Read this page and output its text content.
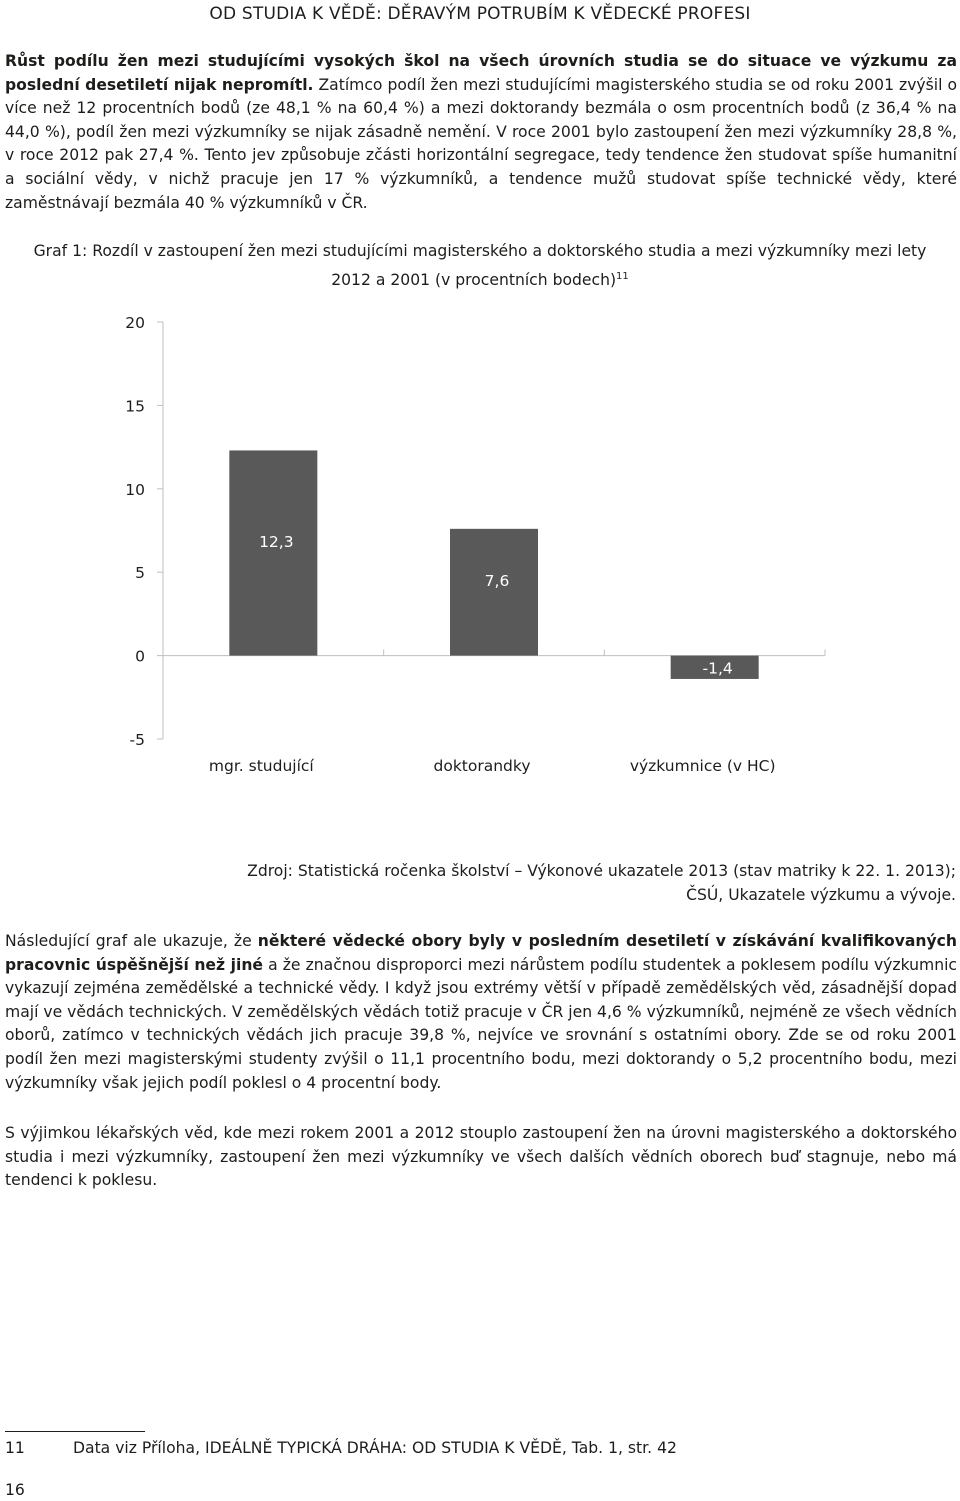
OD STUDIA K VĚDĚ: DĚRAVÝM POTRUBÍM K VĚDECKÉ PROFESI

Růst podílu žen mezi studujícími vysokých škol na všech úrovních studia se do situace ve výzkumu za poslední desetiletí nijak nepromítl. Zatímco podíl žen mezi studujícími magisterského studia se od roku 2001 zvýšil o více než 12 procentních bodů (ze 48,1 % na 60,4 %) a mezi doktorandy bezmála o osm procentních bodů (z 36,4 % na 44,0 %), podíl žen mezi výzkumníky se nijak zásadně nemění. V roce 2001 bylo zastoupení žen mezi výzkumníky 28,8 %, v roce 2012 pak 27,4 %. Tento jev způsobuje zčásti horizontální segregace, tedy tendence žen studovat spíše humanitní a sociální vědy, v nichž pracuje jen 17 % výzkumníků, a tendence mužů studovat spíše technické vědy, které zaměstnávají bezmála 40 % výzkumníků v ČR.

Graf 1: Rozdíl v zastoupení žen mezi studujícími magisterského a doktorského studia a mezi výzkumníky mezi lety 2012 a 2001 (v procentních bodech)$^{11}$
20
15
10
5
0
-5
mgr. studující	doktorandky	výzkumnice (v HC)
12,3
7,6
-1,4
Zdroj: Statistická ročenka školství – Výkonové ukazatele 2013 (stav matriky k 22. 1. 2013);
ČSÚ, Ukazatele výzkumu a vývoje.

Následující graf ale ukazuje, že některé vědecké obory byly v posledním desetiletí v získávání kvalifikovaných pracovnic úspěšnější než jiné a že značnou disproporci mezi nárůstem podílu studentek a poklesem podílu výzkumnic vykazují zejména zemědělské a technické vědy. I když jsou extrémy větší v případě zemědělských věd, zásadnější dopad mají ve vědách technických. V zemědělských vědách totiž pracuje v ČR jen 4,6 % výzkumníků, nejméně ze všech vědních oborů, zatímco v technických vědách jich pracuje 39,8 %, nejvíce ve srovnání s ostatními obory. Zde se od roku 2001 podíl žen mezi magisterskými studenty zvýšil o 11,1 procentního bodu, mezi doktorandy o 5,2 procentního bodu, mezi výzkumníky však jejich podíl poklesl o 4 procentní body.

S výjimkou lékařských věd, kde mezi rokem 2001 a 2012 stouplo zastoupení žen na úrovni magisterského a doktorského studia i mezi výzkumníky, zastoupení žen mezi výzkumníky ve všech dalších vědních oborech buď stagnuje, nebo má tendenci k poklesu.

11	Data viz Příloha, IDEÁLNĚ TYPICKÁ DRÁHA: OD STUDIA K VĚDĚ, Tab. 1, str. 42
16
